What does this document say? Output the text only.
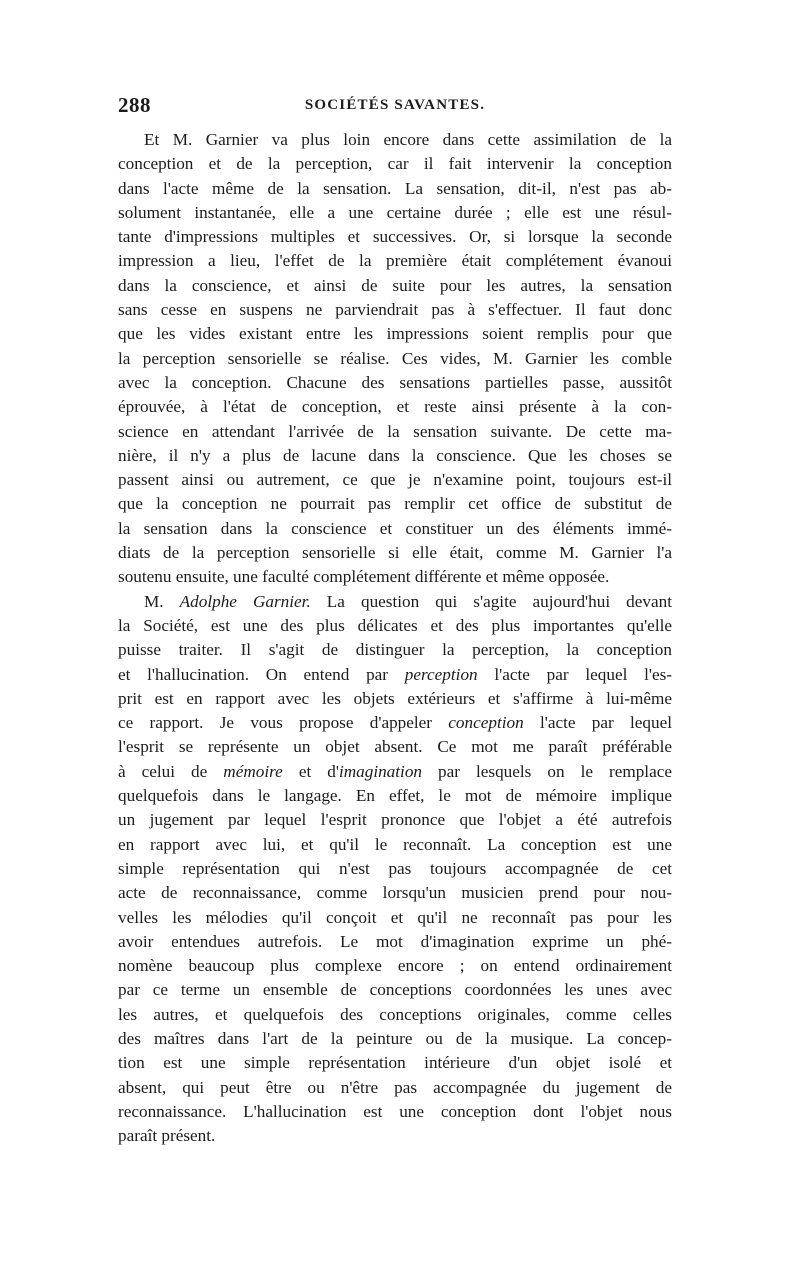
288	SOCIÉTÉS SAVANTES.
Et M. Garnier va plus loin encore dans cette assimilation de la
conception et de la perception, car il fait intervenir la conception
dans l'acte même de la sensation. La sensation, dit-il, n'est pas ab-
solument instantanée, elle a une certaine durée ; elle est une résul-
tante d'impressions multiples et successives. Or, si lorsque la seconde
impression a lieu, l'effet de la première était complétement évanoui
dans la conscience, et ainsi de suite pour les autres, la sensation
sans cesse en suspens ne parviendrait pas à s'effectuer. Il faut donc
que les vides existant entre les impressions soient remplis pour que
la perception sensorielle se réalise. Ces vides, M. Garnier les comble
avec la conception. Chacune des sensations partielles passe, aussitôt
éprouvée, à l'état de conception, et reste ainsi présente à la con-
science en attendant l'arrivée de la sensation suivante. De cette ma-
nière, il n'y a plus de lacune dans la conscience. Que les choses se
passent ainsi ou autrement, ce que je n'examine point, toujours est-il
que la conception ne pourrait pas remplir cet office de substitut de
la sensation dans la conscience et constituer un des éléments immé-
diats de la perception sensorielle si elle était, comme M. Garnier l'a
soutenu ensuite, une faculté complétement différente et même opposée.
M. Adolphe Garnier. La question qui s'agite aujourd'hui devant
la Société, est une des plus délicates et des plus importantes qu'elle
puisse traiter. Il s'agit de distinguer la perception, la conception
et l'hallucination. On entend par perception l'acte par lequel l'es-
prit est en rapport avec les objets extérieurs et s'affirme à lui-même
ce rapport. Je vous propose d'appeler conception l'acte par lequel
l'esprit se représente un objet absent. Ce mot me paraît préférable
à celui de mémoire et d'imagination par lesquels on le remplace
quelquefois dans le langage. En effet, le mot de mémoire implique
un jugement par lequel l'esprit prononce que l'objet a été autrefois
en rapport avec lui, et qu'il le reconnaît. La conception est une
simple représentation qui n'est pas toujours accompagnée de cet
acte de reconnaissance, comme lorsqu'un musicien prend pour nou-
velles les mélodies qu'il conçoit et qu'il ne reconnaît pas pour les
avoir entendues autrefois. Le mot d'imagination exprime un phé-
nomène beaucoup plus complexe encore ; on entend ordinairement
par ce terme un ensemble de conceptions coordonnées les unes avec
les autres, et quelquefois des conceptions originales, comme celles
des maîtres dans l'art de la peinture ou de la musique. La concep-
tion est une simple représentation intérieure d'un objet isolé et
absent, qui peut être ou n'être pas accompagnée du jugement de
reconnaissance. L'hallucination est une conception dont l'objet nous
paraît présent.
